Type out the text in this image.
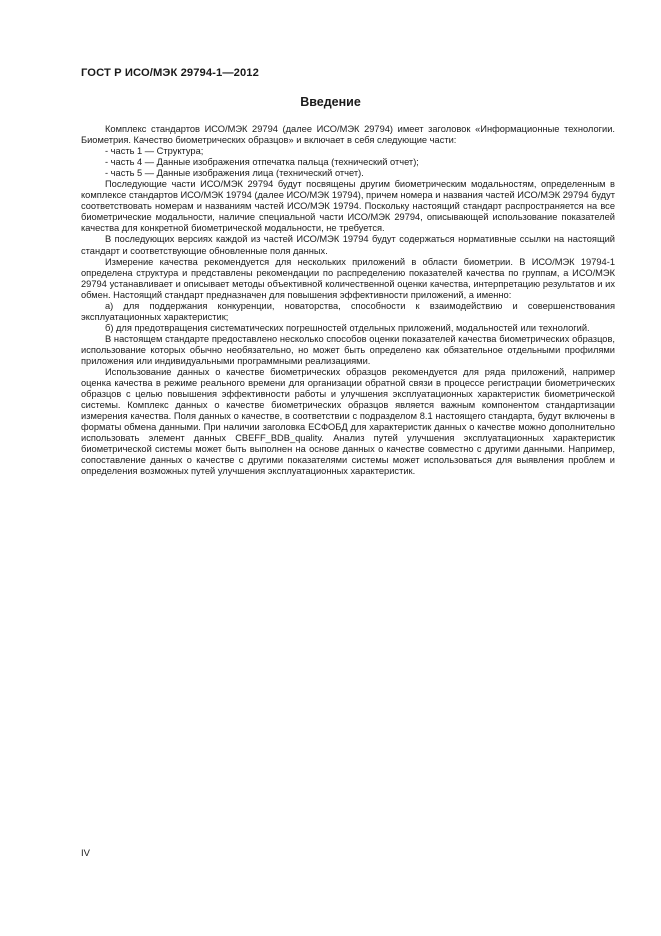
ГОСТ Р ИСО/МЭК 29794-1—2012
Введение

Комплекс стандартов ИСО/МЭК 29794 (далее ИСО/МЭК 29794) имеет заголовок «Информационные технологии. Биометрия. Качество биометрических образцов» и включает в себя следующие части:

- часть 1 — Структура;

- часть 4 — Данные изображения отпечатка пальца (технический отчет);

- часть 5 — Данные изображения лица (технический отчет).

Последующие части ИСО/МЭК 29794 будут посвящены другим биометрическим модальностям, определенным в комплексе стандартов ИСО/МЭК 19794 (далее ИСО/МЭК 19794), причем номера и названия частей ИСО/МЭК 29794 будут соответствовать номерам и названиям частей ИСО/МЭК 19794. Поскольку настоящий стандарт распространяется на все биометрические модальности, наличие специальной части ИСО/МЭК 29794, описывающей использование показателей качества для конкретной биометрической модальности, не требуется.

В последующих версиях каждой из частей ИСО/МЭК 19794 будут содержаться нормативные ссылки на настоящий стандарт и соответствующие обновленные поля данных.

Измерение качества рекомендуется для нескольких приложений в области биометрии. В ИСО/МЭК 19794-1 определена структура и представлены рекомендации по распределению показателей качества по группам, а ИСО/МЭК 29794 устанавливает и описывает методы объективной количественной оценки качества, интерпретацию результатов и их обмен. Настоящий стандарт предназначен для повышения эффективности приложений, а именно:

а) для поддержания конкуренции, новаторства, способности к взаимодействию и совершенствования эксплуатационных характеристик;

б) для предотвращения систематических погрешностей отдельных приложений, модальностей или технологий.

В настоящем стандарте предоставлено несколько способов оценки показателей качества биометрических образцов, использование которых обычно необязательно, но может быть определено как обязательное отдельными профилями приложения или индивидуальными программными реализациями.

Использование данных о качестве биометрических образцов рекомендуется для ряда приложений, например оценка качества в режиме реального времени для организации обратной связи в процессе регистрации биометрических образцов с целью повышения эффективности работы и улучшения эксплуатационных характеристик биометрической системы. Комплекс данных о качестве биометрических образцов является важным компонентом стандартизации измерения качества. Поля данных о качестве, в соответствии с подразделом 8.1 настоящего стандарта, будут включены в форматы обмена данными. При наличии заголовка ЕСФОБД для характеристик данных о качестве можно дополнительно использовать элемент данных CBEFF_BDB_quality. Анализ путей улучшения эксплуатационных характеристик биометрической системы может быть выполнен на основе данных о качестве совместно с другими данными. Например, сопоставление данных о качестве с другими показателями системы может использоваться для выявления проблем и определения возможных путей улучшения эксплуатационных характеристик.

IV
